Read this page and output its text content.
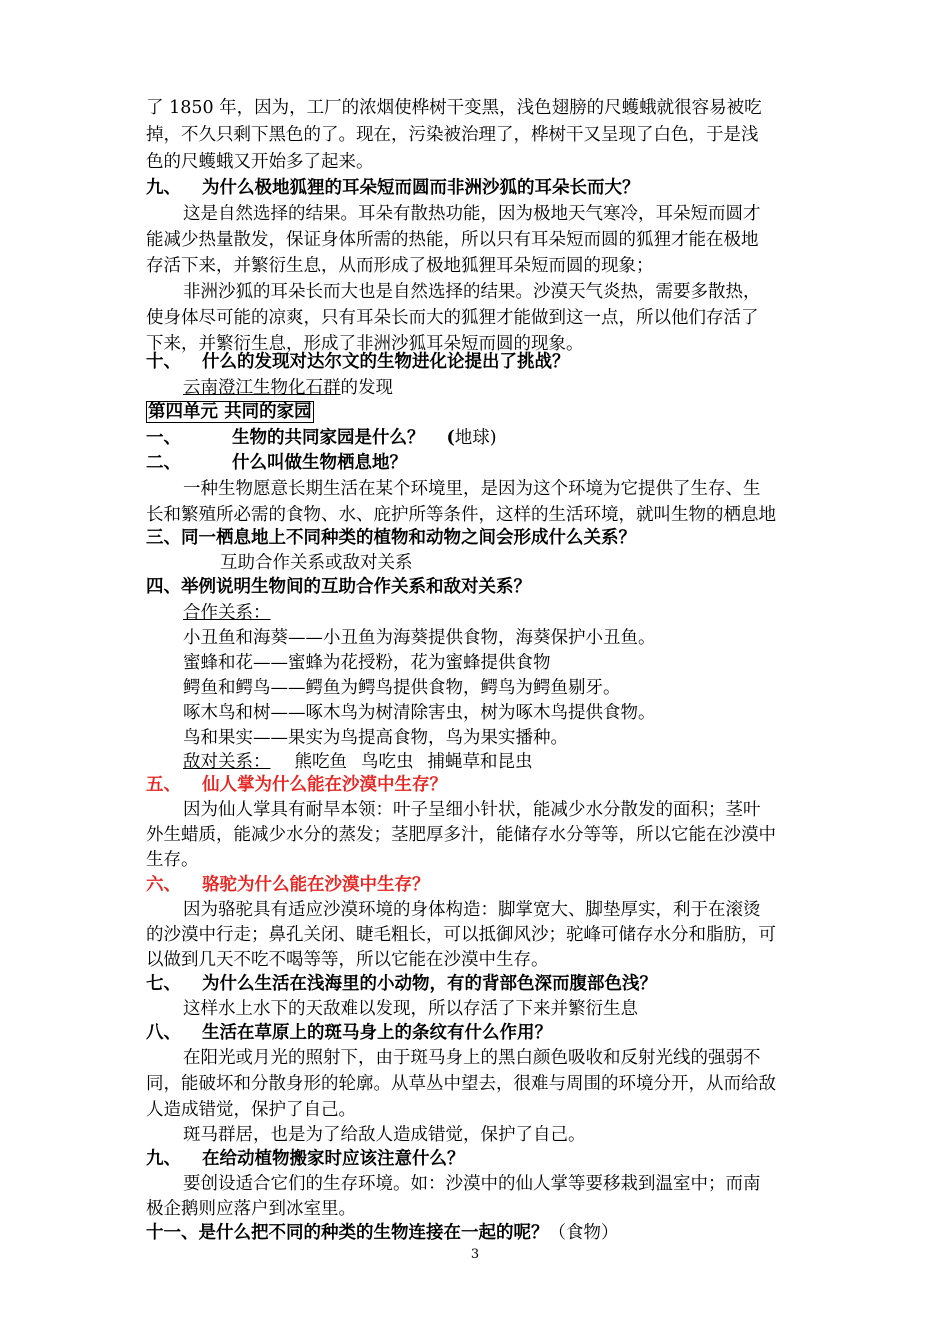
了 1850 年，因为，工厂的浓烟使桦树干变黑，浅色翅膀的尺蠖蛾就很容易被吃
掉，不久只剩下黑色的了。现在，污染被治理了，桦树干又呈现了白色，于是浅
色的尺蠖蛾又开始多了起来。
九、 为什么极地狐狸的耳朵短而圆而非洲沙狐的耳朵长而大？
这是自然选择的结果。耳朵有散热功能，因为极地天气寒冷，耳朵短而圆才
能减少热量散发，保证身体所需的热能，所以只有耳朵短而圆的狐狸才能在极地
存活下来，并繁衍生息，从而形成了极地狐狸耳朵短而圆的现象；
非洲沙狐的耳朵长而大也是自然选择的结果。沙漠天气炎热，需要多散热，
使身体尽可能的凉爽，只有耳朵长而大的狐狸才能做到这一点，所以他们存活了
下来，并繁衍生息，形成了非洲沙狐耳朵短而圆的现象。
十、 什么的发现对达尔文的生物进化论提出了挑战？
云南澄江生物化石群的发现
第四单元 共同的家园
一、	生物的共同家园是什么？ (地球)
二、	什么叫做生物栖息地？
一种生物愿意长期生活在某个环境里，是因为这个环境为它提供了生存、生
长和繁殖所必需的食物、水、庇护所等条件，这样的生活环境，就叫生物的栖息地
三、同一栖息地上不同种类的植物和动物之间会形成什么关系？
互助合作关系或敌对关系
四、举例说明生物间的互助合作关系和敌对关系？
合作关系：
小丑鱼和海葵——小丑鱼为海葵提供食物，海葵保护小丑鱼。
蜜蜂和花——蜜蜂为花授粉，花为蜜蜂提供食物
鳄鱼和鳄鸟——鳄鱼为鳄鸟提供食物，鳄鸟为鳄鱼剔牙。
啄木鸟和树——啄木鸟为树清除害虫，树为啄木鸟提供食物。
鸟和果实——果实为鸟提高食物，鸟为果实播种。
敌对关系： 熊吃鱼 鸟吃虫 捕蝇草和昆虫
五、 仙人掌为什么能在沙漠中生存？
因为仙人掌具有耐旱本领：叶子呈细小针状，能减少水分散发的面积；茎叶
外生蜡质，能减少水分的蒸发；茎肥厚多汁，能储存水分等等，所以它能在沙漠中
生存。
六、 骆驼为什么能在沙漠中生存？
因为骆驼具有适应沙漠环境的身体构造：脚掌宽大、脚垫厚实，利于在滚烫
的沙漠中行走；鼻孔关闭、睫毛粗长，可以抵御风沙；驼峰可储存水分和脂肪，可
以做到几天不吃不喝等等，所以它能在沙漠中生存。
七、 为什么生活在浅海里的小动物，有的背部色深而腹部色浅？
这样水上水下的天敌难以发现，所以存活了下来并繁衍生息
八、 生活在草原上的斑马身上的条纹有什么作用？
在阳光或月光的照射下，由于斑马身上的黑白颜色吸收和反射光线的强弱不
同，能破坏和分散身形的轮廓。从草丛中望去，很难与周围的环境分开，从而给敌
人造成错觉，保护了自己。
斑马群居，也是为了给敌人造成错觉，保护了自己。
九、 在给动植物搬家时应该注意什么？
要创设适合它们的生存环境。如：沙漠中的仙人掌等要移栽到温室中；而南
极企鹅则应落户到冰室里。
十一、是什么把不同的种类的生物连接在一起的呢？（食物）
3
